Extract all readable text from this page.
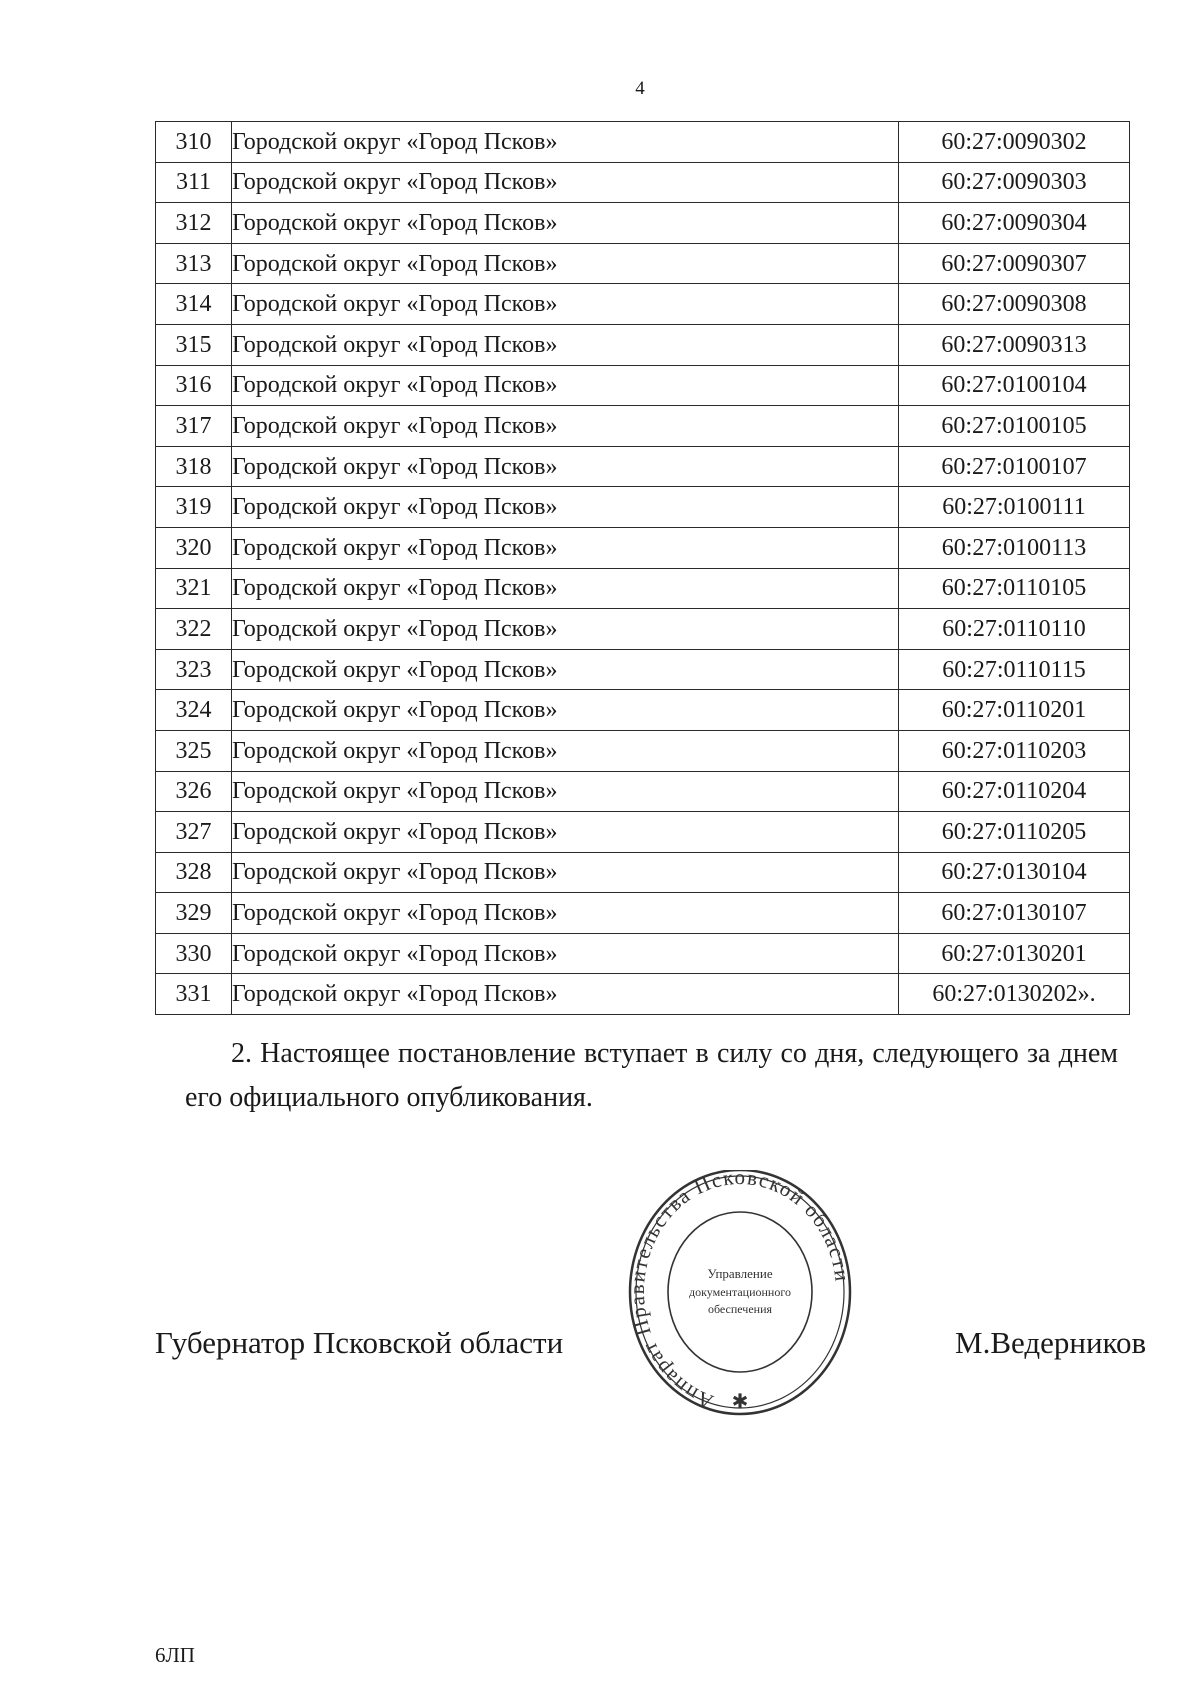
4
310	Городской округ «Город Псков»	60:27:0090302
311	Городской округ «Город Псков»	60:27:0090303
312	Городской округ «Город Псков»	60:27:0090304
313	Городской округ «Город Псков»	60:27:0090307
314	Городской округ «Город Псков»	60:27:0090308
315	Городской округ «Город Псков»	60:27:0090313
316	Городской округ «Город Псков»	60:27:0100104
317	Городской округ «Город Псков»	60:27:0100105
318	Городской округ «Город Псков»	60:27:0100107
319	Городской округ «Город Псков»	60:27:0100111
320	Городской округ «Город Псков»	60:27:0100113
321	Городской округ «Город Псков»	60:27:0110105
322	Городской округ «Город Псков»	60:27:0110110
323	Городской округ «Город Псков»	60:27:0110115
324	Городской округ «Город Псков»	60:27:0110201
325	Городской округ «Город Псков»	60:27:0110203
326	Городской округ «Город Псков»	60:27:0110204
327	Городской округ «Город Псков»	60:27:0110205
328	Городской округ «Город Псков»	60:27:0130104
329	Городской округ «Город Псков»	60:27:0130107
330	Городской округ «Город Псков»	60:27:0130201
331	Городской округ «Город Псков»	60:27:0130202».

2. Настоящее постановление вступает в силу со дня, следующего за днем его официального опубликования.

Губернатор Псковской области	М.Ведерников
Аппарат Правительства Псковской области
Управление
документационного
обеспечения
✱
6ЛП
